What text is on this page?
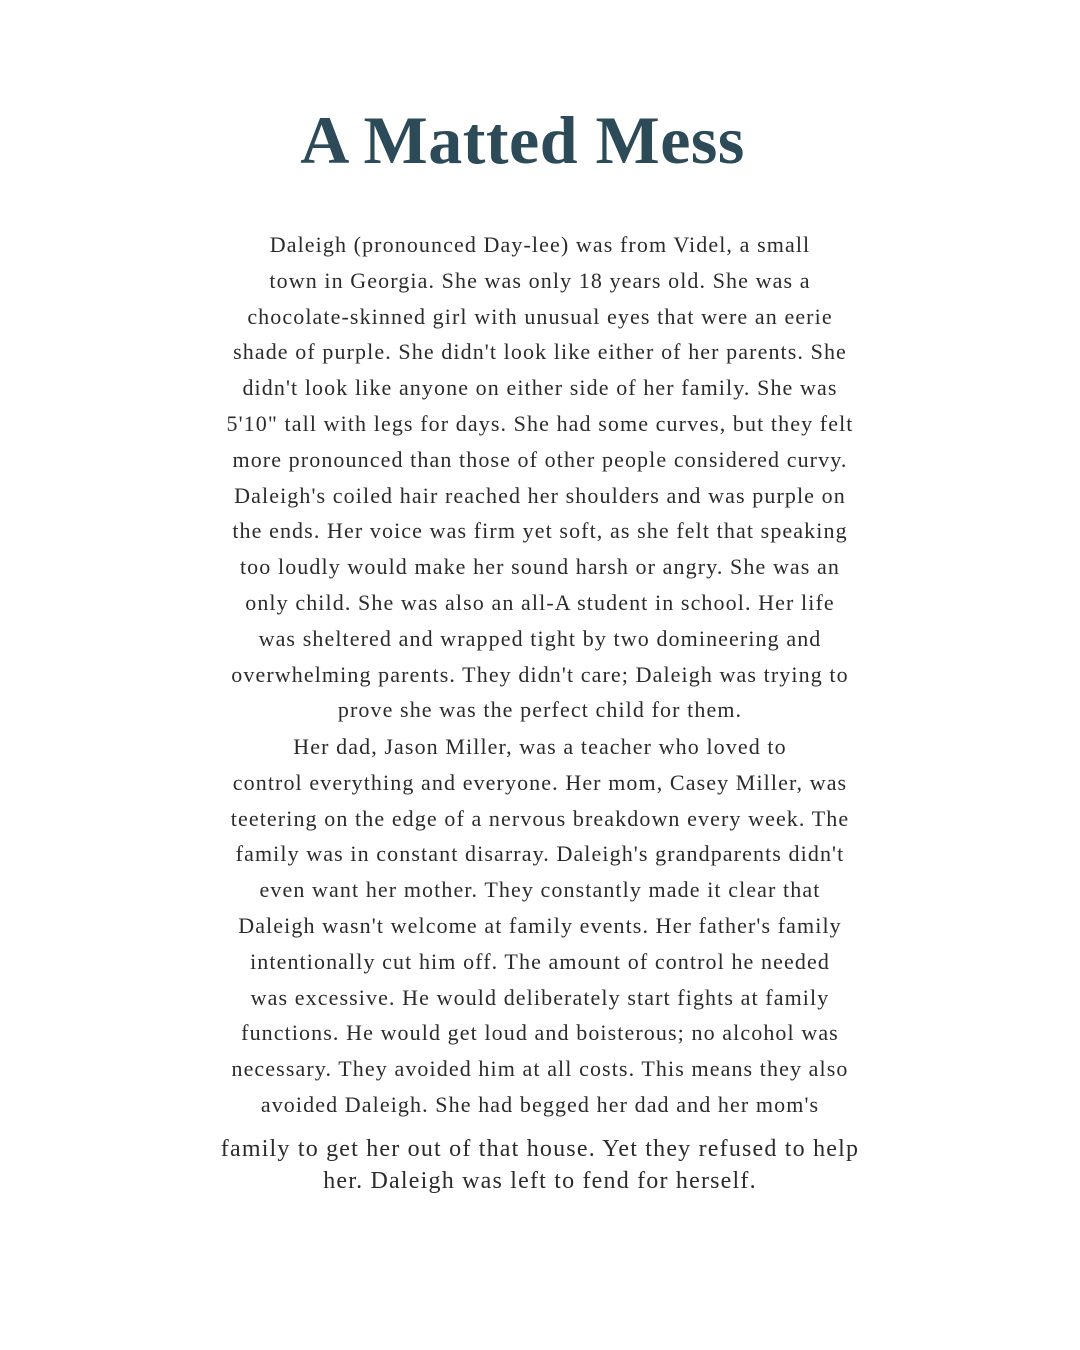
A Matted Mess

Daleigh (pronounced Day-lee) was from Videl, a small
town in Georgia. She was only 18 years old. She was a
chocolate-skinned girl with unusual eyes that were an eerie
shade of purple. She didn't look like either of her parents. She
didn't look like anyone on either side of her family. She was
5'10" tall with legs for days. She had some curves, but they felt
more pronounced than those of other people considered curvy.
Daleigh's coiled hair reached her shoulders and was purple on
the ends. Her voice was firm yet soft, as she felt that speaking
too loudly would make her sound harsh or angry. She was an
only child. She was also an all-A student in school. Her life
was sheltered and wrapped tight by two domineering and
overwhelming parents. They didn't care; Daleigh was trying to
prove she was the perfect child for them.

Her dad, Jason Miller, was a teacher who loved to
control everything and everyone. Her mom, Casey Miller, was
teetering on the edge of a nervous breakdown every week. The
family was in constant disarray. Daleigh's grandparents didn't
even want her mother. They constantly made it clear that
Daleigh wasn't welcome at family events. Her father's family
intentionally cut him off. The amount of control he needed
was excessive. He would deliberately start fights at family
functions. He would get loud and boisterous; no alcohol was
necessary. They avoided him at all costs. This means they also
avoided Daleigh. She had begged her dad and her mom's

family to get her out of that house. Yet they refused to help
her. Daleigh was left to fend for herself.
